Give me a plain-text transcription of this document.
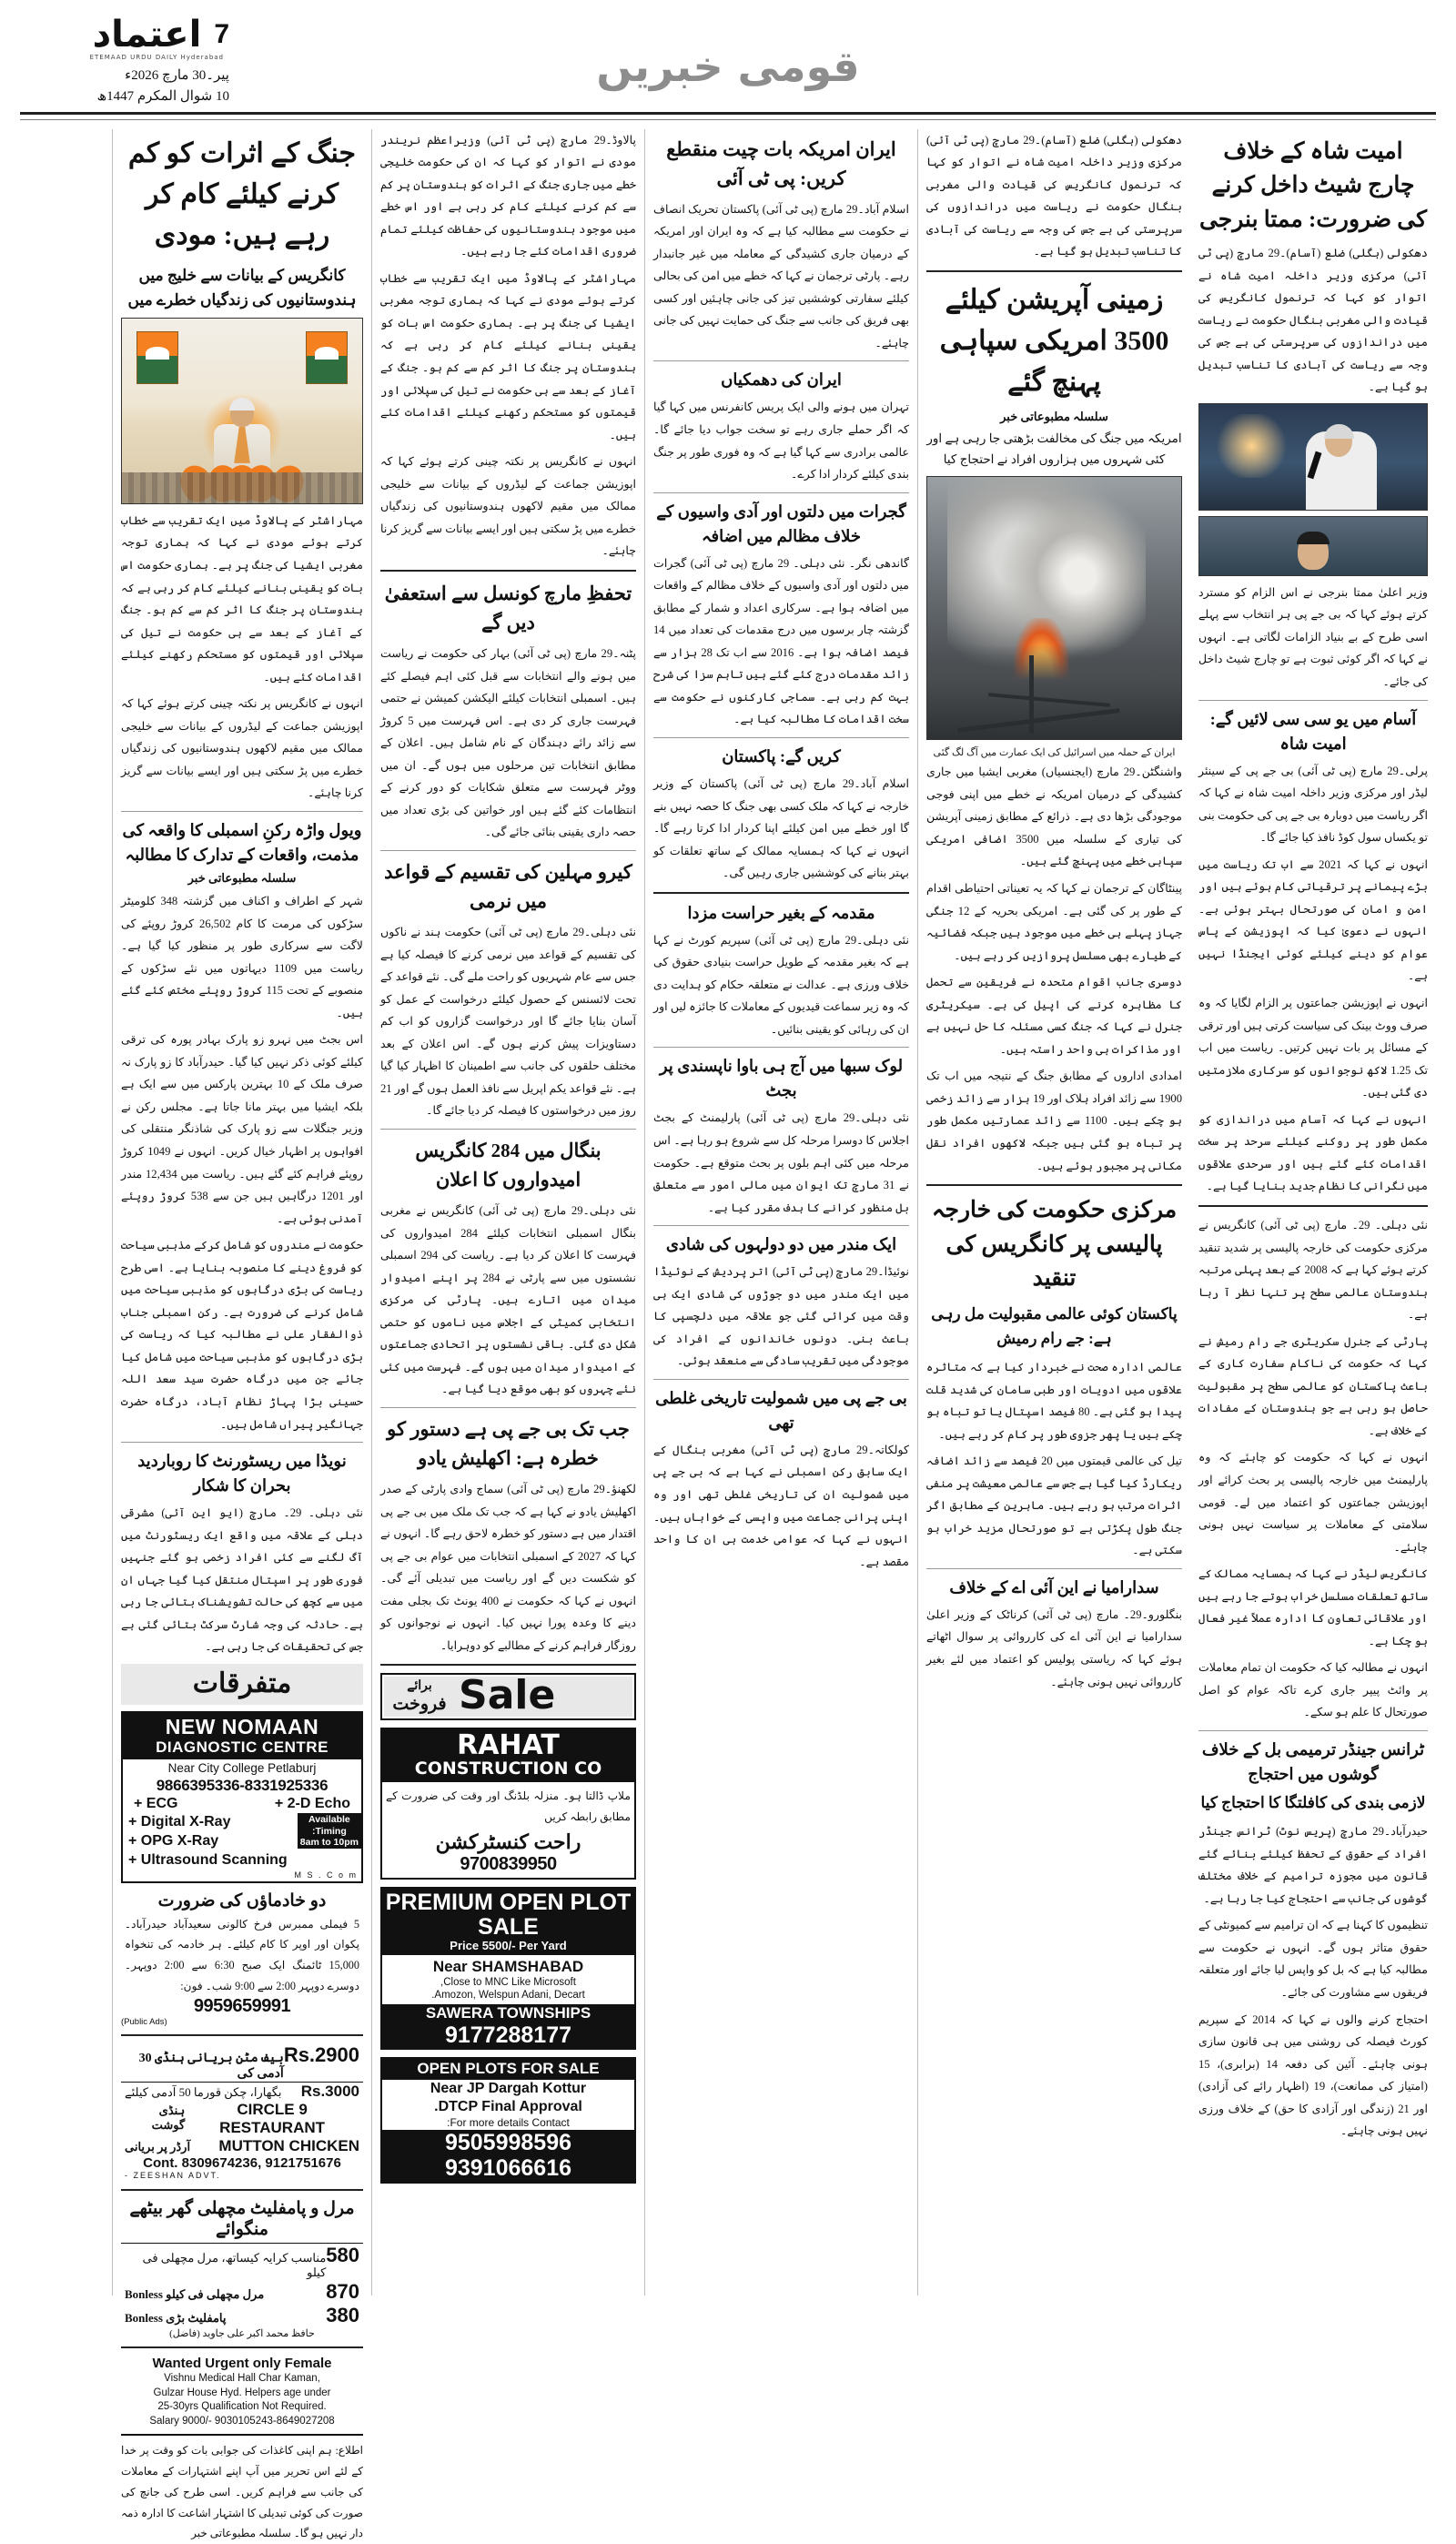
قومی خبریں
7
اعتماد
ETEMAAD URDU DAILY Hyderabad
پیر۔30 مارچ 2026ء
10 شوال المکرم 1447ھ
امیت شاہ کے خلاف چارج شیٹ داخل کرنے کی ضرورت: ممتا بنرجی

دھکولی (ہگلی) ضلع (آسام)۔29 مارچ (پی ٹی آئی) مرکزی وزیر داخلہ امیت شاہ نے اتوار کو کہا کہ ترنمول کانگریس کی قیادت والی مغربی بنگال حکومت نے ریاست میں دراندازوں کی سرپرستی کی ہے جس کی وجہ سے ریاست کی آبادی کا تناسب تبدیل ہو گیا ہے۔

وزیر اعلیٰ ممتا بنرجی نے اس الزام کو مسترد کرتے ہوئے کہا کہ بی جے پی ہر انتخاب سے پہلے اسی طرح کے بے بنیاد الزامات لگاتی ہے۔ انہوں نے کہا کہ اگر کوئی ثبوت ہے تو چارج شیٹ داخل کی جائے۔

آسام میں یو سی سی لائیں گے: امیت شاہ

پرلی۔29 مارچ (پی ٹی آئی) بی جے پی کے سینئر لیڈر اور مرکزی وزیر داخلہ امیت شاہ نے کہا کہ اگر ریاست میں دوبارہ بی جے پی کی حکومت بنی تو یکساں سول کوڈ نافذ کیا جائے گا۔

انہوں نے کہا کہ 2021 سے اب تک ریاست میں بڑے پیمانے پر ترقیاتی کام ہوئے ہیں اور امن و امان کی صورتحال بہتر ہوئی ہے۔ انہوں نے دعویٰ کیا کہ اپوزیشن کے پاس عوام کو دینے کیلئے کوئی ایجنڈا نہیں ہے۔

انہوں نے اپوزیشن جماعتوں پر الزام لگایا کہ وہ صرف ووٹ بینک کی سیاست کرتی ہیں اور ترقی کے مسائل پر بات نہیں کرتیں۔ ریاست میں اب تک 1.25 لاکھ نوجوانوں کو سرکاری ملازمتیں دی گئی ہیں۔

انہوں نے کہا کہ آسام میں دراندازی کو مکمل طور پر روکنے کیلئے سرحد پر سخت اقدامات کئے گئے ہیں اور سرحدی علاقوں میں نگرانی کا نظام جدید بنایا گیا ہے۔

نئی دہلی۔ 29۔ مارچ (پی ٹی آئی) کانگریس نے مرکزی حکومت کی خارجہ پالیسی پر شدید تنقید کرتے ہوئے کہا ہے کہ 2008 کے بعد پہلی مرتبہ ہندوستان عالمی سطح پر تنہا نظر آ رہا ہے۔

پارٹی کے جنرل سکریٹری جے رام رمیش نے کہا کہ حکومت کی ناکام سفارت کاری کے باعث پاکستان کو عالمی سطح پر مقبولیت حاصل ہو رہی ہے جو ہندوستان کے مفادات کے خلاف ہے۔

انہوں نے کہا کہ حکومت کو چاہئے کہ وہ پارلیمنٹ میں خارجہ پالیسی پر بحث کرائے اور اپوزیشن جماعتوں کو اعتماد میں لے۔ قومی سلامتی کے معاملات پر سیاست نہیں ہونی چاہئے۔

کانگریس لیڈر نے کہا کہ ہمسایہ ممالک کے ساتھ تعلقات مسلسل خراب ہوتے جا رہے ہیں اور علاقائی تعاون کا ادارہ عملاً غیر فعال ہو چکا ہے۔

انہوں نے مطالبہ کیا کہ حکومت ان تمام معاملات پر وائٹ پیپر جاری کرے تاکہ عوام کو اصل صورتحال کا علم ہو سکے۔

ٹرانس جینڈر ترمیمی بل کے خلاف گوشوں میں احتجاج
لازمی بندی کی کافلتگا کا احتجاج کیا

حیدرآباد۔29 مارچ (پریس نوٹ) ٹرانس جینڈر افراد کے حقوق کے تحفظ کیلئے بنائے گئے قانون میں مجوزہ ترامیم کے خلاف مختلف گوشوں کی جانب سے احتجاج کیا جا رہا ہے۔

تنظیموں کا کہنا ہے کہ ان ترامیم سے کمیونٹی کے حقوق متاثر ہوں گے۔ انہوں نے حکومت سے مطالبہ کیا ہے کہ بل کو واپس لیا جائے اور متعلقہ فریقوں سے مشاورت کی جائے۔

احتجاج کرنے والوں نے کہا کہ 2014 کے سپریم کورٹ فیصلہ کی روشنی میں ہی قانون سازی ہونی چاہئے۔ آئین کی دفعہ 14 (برابری)، 15 (امتیاز کی ممانعت)، 19 (اظہار رائے کی آزادی) اور 21 (زندگی اور آزادی کا حق) کے خلاف ورزی نہیں ہونی چاہئے۔

دھکولی (ہگلی) ضلع (آسام)۔29 مارچ (پی ٹی آئی) مرکزی وزیر داخلہ امیت شاہ نے اتوار کو کہا کہ ترنمول کانگریس کی قیادت والی مغربی بنگال حکومت نے ریاست میں دراندازوں کی سرپرستی کی ہے جس کی وجہ سے ریاست کی آبادی کا تناسب تبدیل ہو گیا ہے۔

زمینی آپریشن کیلئے 3500 امریکی سپاہی پہنچ گئے
سلسلہ مطبوعاتی خبر
امریکہ میں جنگ کی مخالفت بڑھتی جا رہی ہے اور کئی شہروں میں ہزاروں افراد نے احتجاج کیا
ایران کے حملہ میں اسرائیل کی ایک عمارت میں آگ لگ گئی

واشنگٹن۔29 مارچ (ایجنسیاں) مغربی ایشیا میں جاری کشیدگی کے درمیان امریکہ نے خطے میں اپنی فوجی موجودگی بڑھا دی ہے۔ ذرائع کے مطابق زمینی آپریشن کی تیاری کے سلسلہ میں 3500 اضافی امریکی سپاہی خطے میں پہنچ گئے ہیں۔

پینٹاگان کے ترجمان نے کہا کہ یہ تعیناتی احتیاطی اقدام کے طور پر کی گئی ہے۔ امریکی بحریہ کے 12 جنگی جہاز پہلے ہی خطے میں موجود ہیں جبکہ فضائیہ کے طیارے بھی مسلسل پروازیں کر رہے ہیں۔

دوسری جانب اقوام متحدہ نے فریقین سے تحمل کا مظاہرہ کرنے کی اپیل کی ہے۔ سیکریٹری جنرل نے کہا کہ جنگ کسی مسئلہ کا حل نہیں ہے اور مذاکرات ہی واحد راستہ ہیں۔

امدادی اداروں کے مطابق جنگ کے نتیجہ میں اب تک 1900 سے زائد افراد ہلاک اور 19 ہزار سے زائد زخمی ہو چکے ہیں۔ 1100 سے زائد عمارتیں مکمل طور پر تباہ ہو گئی ہیں جبکہ لاکھوں افراد نقل مکانی پر مجبور ہوئے ہیں۔

مرکزی حکومت کی خارجہ پالیسی پر کانگریس کی تنقید
پاکستان کوئی عالمی مقبولیت مل رہی ہے: جے رام رمیش

عالمی ادارہ صحت نے خبردار کیا ہے کہ متاثرہ علاقوں میں ادویات اور طبی سامان کی شدید قلت پیدا ہو گئی ہے۔ 80 فیصد اسپتال یا تو تباہ ہو چکے ہیں یا پھر جزوی طور پر کام کر رہے ہیں۔

تیل کی عالمی قیمتوں میں 20 فیصد سے زائد اضافہ ریکارڈ کیا گیا ہے جس سے عالمی معیشت پر منفی اثرات مرتب ہو رہے ہیں۔ ماہرین کے مطابق اگر جنگ طول پکڑتی ہے تو صورتحال مزید خراب ہو سکتی ہے۔

سدارامیا نے این آئی اے کے خلاف

بنگلورو۔29۔ مارچ (پی ٹی آئی) کرناٹک کے وزیر اعلیٰ سدارامیا نے این آئی اے کی کارروائی پر سوال اٹھاتے ہوئے کہا کہ ریاستی پولیس کو اعتماد میں لئے بغیر کارروائی نہیں ہونی چاہئے۔

ایران امریکہ بات چیت منقطع کریں: پی ٹی آئی

اسلام آباد۔29 مارچ (پی ٹی آئی) پاکستان تحریک انصاف نے حکومت سے مطالبہ کیا ہے کہ وہ ایران اور امریکہ کے درمیان جاری کشیدگی کے معاملہ میں غیر جانبدار رہے۔ پارٹی ترجمان نے کہا کہ خطے میں امن کی بحالی کیلئے سفارتی کوششیں تیز کی جانی چاہئیں اور کسی بھی فریق کی جانب سے جنگ کی حمایت نہیں کی جانی چاہئے۔

ایران کی دھمکیاں

تہران میں ہونے والی ایک پریس کانفرنس میں کہا گیا کہ اگر حملے جاری رہے تو سخت جواب دیا جائے گا۔ عالمی برادری سے کہا گیا ہے کہ وہ فوری طور پر جنگ بندی کیلئے کردار ادا کرے۔

گجرات میں دلتوں اور آدی واسیوں کے خلاف مظالم میں اضافہ

گاندھی نگر۔ نئی دہلی۔ 29 مارچ (پی ٹی آئی) گجرات میں دلتوں اور آدی واسیوں کے خلاف مظالم کے واقعات میں اضافہ ہوا ہے۔ سرکاری اعداد و شمار کے مطابق گزشتہ چار برسوں میں درج مقدمات کی تعداد میں 14 فیصد اضافہ ہوا ہے۔ 2016 سے اب تک 28 ہزار سے زائد مقدمات درج کئے گئے ہیں تاہم سزا کی شرح بہت کم رہی ہے۔ سماجی کارکنوں نے حکومت سے سخت اقدامات کا مطالبہ کیا ہے۔

کریں گے: پاکستان

اسلام آباد۔29 مارچ (پی ٹی آئی) پاکستان کے وزیر خارجہ نے کہا کہ ملک کسی بھی جنگ کا حصہ نہیں بنے گا اور خطے میں امن کیلئے اپنا کردار ادا کرتا رہے گا۔ انہوں نے کہا کہ ہمسایہ ممالک کے ساتھ تعلقات کو بہتر بنانے کی کوششیں جاری رہیں گی۔

مقدمہ کے بغیر حراست مزدا

نئی دہلی۔29 مارچ (پی ٹی آئی) سپریم کورٹ نے کہا ہے کہ بغیر مقدمہ کے طویل حراست بنیادی حقوق کی خلاف ورزی ہے۔ عدالت نے متعلقہ حکام کو ہدایت دی کہ وہ زیر سماعت قیدیوں کے معاملات کا جائزہ لیں اور ان کی رہائی کو یقینی بنائیں۔

لوک سبھا میں آج ہی باوا ناپسندی پر بجٹ

نئی دہلی۔29 مارچ (پی ٹی آئی) پارلیمنٹ کے بجٹ اجلاس کا دوسرا مرحلہ کل سے شروع ہو رہا ہے۔ اس مرحلہ میں کئی اہم بلوں پر بحث متوقع ہے۔ حکومت نے 31 مارچ تک ایوان میں مالی امور سے متعلق بل منظور کرانے کا ہدف مقرر کیا ہے۔

ایک مندر میں دو دولہوں کی شادی

نوئیڈا۔29 مارچ (پی ٹی آئی) اتر پردیش کے نوئیڈا میں ایک مندر میں دو جوڑوں کی شادی ایک ہی وقت میں کرائی گئی جو علاقہ میں دلچسپی کا باعث بنی۔ دونوں خاندانوں کے افراد کی موجودگی میں تقریب سادگی سے منعقد ہوئی۔

بی جے پی میں شمولیت تاریخی غلطی تھی

کولکاتہ۔29 مارچ (پی ٹی آئی) مغربی بنگال کے ایک سابق رکن اسمبلی نے کہا ہے کہ بی جے پی میں شمولیت ان کی تاریخی غلطی تھی اور وہ اپنی پرانی جماعت میں واپسی کے خواہاں ہیں۔ انہوں نے کہا کہ عوامی خدمت ہی ان کا واحد مقصد ہے۔

پالاوڈ۔29 مارچ (پی ٹی آئی) وزیراعظم نریندر مودی نے اتوار کو کہا کہ ان کی حکومت خلیجی خطے میں جاری جنگ کے اثرات کو ہندوستان پر کم سے کم کرنے کیلئے کام کر رہی ہے اور اس خطے میں موجود ہندوستانیوں کی حفاظت کیلئے تمام ضروری اقدامات کئے جا رہے ہیں۔

مہاراشٹر کے پالاوڈ میں ایک تقریب سے خطاب کرتے ہوئے مودی نے کہا کہ ہماری توجہ مغربی ایشیا کی جنگ پر ہے۔ ہماری حکومت اس بات کو یقینی بنانے کیلئے کام کر رہی ہے کہ ہندوستان پر جنگ کا اثر کم سے کم ہو۔ جنگ کے آغاز کے بعد سے ہی حکومت نے تیل کی سپلائی اور قیمتوں کو مستحکم رکھنے کیلئے اقدامات کئے ہیں۔

انہوں نے کانگریس پر نکتہ چینی کرتے ہوئے کہا کہ اپوزیشن جماعت کے لیڈروں کے بیانات سے خلیجی ممالک میں مقیم لاکھوں ہندوستانیوں کی زندگیاں خطرے میں پڑ سکتی ہیں اور ایسے بیانات سے گریز کرنا چاہئے۔

تحفظِ مارچ کونسل سے استعفیٰ دیں گے

پٹنہ۔29 مارچ (پی ٹی آئی) بہار کی حکومت نے ریاست میں ہونے والے انتخابات سے قبل کئی اہم فیصلے کئے ہیں۔ اسمبلی انتخابات کیلئے الیکشن کمیشن نے حتمی فہرست جاری کر دی ہے۔ اس فہرست میں 5 کروڑ سے زائد رائے دہندگان کے نام شامل ہیں۔ اعلان کے مطابق انتخابات تین مرحلوں میں ہوں گے۔ ان میں ووٹر فہرست سے متعلق شکایات کو دور کرنے کے انتظامات کئے گئے ہیں اور خواتین کی بڑی تعداد میں حصہ داری یقینی بنائی جائے گی۔

کیرو مہلین کی تقسیم کے قواعد میں نرمی

نئی دہلی۔29 مارچ (پی ٹی آئی) حکومت ہند نے ناکوں کی تقسیم کے قواعد میں نرمی کرنے کا فیصلہ کیا ہے جس سے عام شہریوں کو راحت ملے گی۔ نئے قواعد کے تحت لائسنس کے حصول کیلئے درخواست کے عمل کو آسان بنایا جائے گا اور درخواست گزاروں کو اب کم دستاویزات پیش کرنے ہوں گے۔ اس اعلان کے بعد مختلف حلقوں کی جانب سے اطمینان کا اظہار کیا گیا ہے۔ نئے قواعد یکم اپریل سے نافذ العمل ہوں گے اور 21 روز میں درخواستوں کا فیصلہ کر دیا جائے گا۔

بنگال میں 284 کانگریس امیدواروں کا اعلان

نئی دہلی۔29 مارچ (پی ٹی آئی) کانگریس نے مغربی بنگال اسمبلی انتخابات کیلئے 284 امیدواروں کی فہرست کا اعلان کر دیا ہے۔ ریاست کی 294 اسمبلی نشستوں میں سے پارٹی نے 284 پر اپنے امیدوار میدان میں اتارے ہیں۔ پارٹی کی مرکزی انتخابی کمیٹی کے اجلاس میں ناموں کو حتمی شکل دی گئی۔ باقی نشستوں پر اتحادی جماعتوں کے امیدوار میدان میں ہوں گے۔ فہرست میں کئی نئے چہروں کو بھی موقع دیا گیا ہے۔

جب تک بی جے پی ہے دستور کو خطرہ ہے: اکھلیش یادو

لکھنؤ۔29 مارچ (پی ٹی آئی) سماج وادی پارٹی کے صدر اکھلیش یادو نے کہا ہے کہ جب تک ملک میں بی جے پی اقتدار میں ہے دستور کو خطرہ لاحق رہے گا۔ انہوں نے کہا کہ 2027 کے اسمبلی انتخابات میں عوام بی جے پی کو شکست دیں گے اور ریاست میں تبدیلی آئے گی۔ انہوں نے کہا کہ حکومت نے 400 یونٹ تک بجلی مفت دینے کا وعدہ پورا نہیں کیا۔ انہوں نے نوجوانوں کو روزگار فراہم کرنے کے مطالبے کو دوہرایا۔

Sale
برائے
فروخت
RAHAT
CONSTRUCTION CO
ملاپ ڈالتا ہو۔ منزلہ بلڈنگ اور وقت کی ضرورت کے مطابق رابطہ کریں
راحت کنسٹرکشن
9700839950
PREMIUM OPEN PLOT
SALE
Price 5500/- Per Yard
Near SHAMSHABAD
Close to MNC Like Microsoft,
Amozon, Welspun Adani, Decart.
SAWERA TOWNSHIPS
9177288177
OPEN PLOTS FOR SALE
Near JP Dargah Kottur
DTCP Final Approval.
For more details Contact:
9505998596
9391066616
جنگ کے اثرات کو کم کرنے کیلئے کام کر رہے ہیں: مودی
کانگریس کے بیانات سے خلیج میں ہندوستانیوں کی زندگیاں خطرے میں

مہاراشٹر کے پالاوڈ میں ایک تقریب سے خطاب کرتے ہوئے مودی نے کہا کہ ہماری توجہ مغربی ایشیا کی جنگ پر ہے۔ ہماری حکومت اس بات کو یقینی بنانے کیلئے کام کر رہی ہے کہ ہندوستان پر جنگ کا اثر کم سے کم ہو۔ جنگ کے آغاز کے بعد سے ہی حکومت نے تیل کی سپلائی اور قیمتوں کو مستحکم رکھنے کیلئے اقدامات کئے ہیں۔

انہوں نے کانگریس پر نکتہ چینی کرتے ہوئے کہا کہ اپوزیشن جماعت کے لیڈروں کے بیانات سے خلیجی ممالک میں مقیم لاکھوں ہندوستانیوں کی زندگیاں خطرے میں پڑ سکتی ہیں اور ایسے بیانات سے گریز کرنا چاہئے۔

ویول واڑہ رکنِ اسمبلی کا واقعہ کی مذمت، واقعات کے تدارک کا مطالبہ
سلسلہ مطبوعاتی خبر

شہر کے اطراف و اکناف میں گزشتہ 348 کلومیٹر سڑکوں کی مرمت کا کام 26,502 کروڑ روپئے کی لاگت سے سرکاری طور پر منظور کیا گیا ہے۔ ریاست میں 1109 دیہاتوں میں نئے سڑکوں کے منصوبے کے تحت 115 کروڑ روپئے مختص کئے گئے ہیں۔

اس بجٹ میں نہرو زو پارک بہادر پورہ کی ترقی کیلئے کوئی ذکر نہیں کیا گیا۔ حیدرآباد کا زو پارک نہ صرف ملک کے 10 بہترین پارکس میں سے ایک ہے بلکہ ایشیا میں بہتر مانا جاتا ہے۔ مجلس رکن نے وزیر جنگلات سے زو پارک کی شاذنگر منتقلی کی افواہوں پر اظہار خیال کریں۔ انہوں نے 1049 کروڑ روپئے فراہم کئے گئے ہیں۔ ریاست میں 12,434 مندر اور 1201 درگاہیں ہیں جن سے 538 کروڑ روپئے آمدنی ہوئی ہے۔

حکومت نے مندروں کو شامل کرکے مذہبی سیاحت کو فروغ دینے کا منصوبہ بنایا ہے۔ اسی طرح ریاست کی بڑی درگاہوں کو مذہبی سیاحت میں شامل کرنے کی ضرورت ہے۔ رکن اسمبلی جناب ذوالفقار علی نے مطالبہ کیا کہ ریاست کی بڑی درگاہوں کو مذہبی سیاحت میں شامل کیا جائے جن میں درگاہ حضرت سید سعد اللہ حسینی بڑا پہاڑ نظام آباد، درگاہ حضرت جہانگیر پیراں شامل ہیں۔

نویڈا میں ریسٹورنٹ کا روباردید بحران کا شکار

نئی دہلی۔ 29۔ مارچ (ایو این آئی) مشرقی دہلی کے علاقہ میں واقع ایک ریسٹورنٹ میں آگ لگنے سے کئی افراد زخمی ہو گئے جنہیں فوری طور پر اسپتال منتقل کیا گیا جہاں ان میں سے کچھ کی حالت تشویشناک بتائی جا رہی ہے۔ حادثہ کی وجہ شارٹ سرکٹ بتائی گئی ہے جس کی تحقیقات کی جا رہی ہے۔

متفرقات
NEW NOMAAN
DIAGNOSTIC CENTRE
Near City College Petlaburj
9866395336-8331925336
+ 2-D Echo
+ ECG
Available
Timing:
8am to 10pm
+ Digital X-Ray
+ OPG X-Ray
+ Ultrasound Scanning
M S . C o m
دو خادماؤں کی ضرورت
5 فیملی ممبرس فرخ کالونی سعیدآباد حیدرآباد۔ پکوان اور اوپر کا کام کیلئے۔ ہر خادمہ کی تنخواہ 15,000 ٹائمنگ ایک صبح 6:30 سے 2:00 دوپہر۔ دوسرے دوپہر 2:00 سے 9:00 شب۔ فون:
9959659991
(Public Ads)
Rs.2900
بیف مٹن بریانی ہنڈی 30 آدمی کی
Rs.3000
بگھارا، چکن قورما 50 آدمی کیلئے
CIRCLE 9 RESTAURANT
ہنڈی گوشت
MUTTON CHICKEN
آرڈر پر بریانی
Cont. 8309674236, 9121751676
- ZEESHAN ADVT.
مرل و پامفلیٹ مچھلی گھر بیٹھے منگوائے
580
مناسب کرایہ کیساتھ، مرل مچھلی فی کیلو
870
مرل مچھلی فی کیلو Bonless
380
پامفلیٹ بڑی Bonless
حافظ محمد اکبر علی جاوید (فاضل)
Wanted Urgent only Female
Vishnu Medical Hall Char Kaman,
Gulzar House Hyd. Helpers age under
25-30yrs Qualification Not Required.
Salary 9000/- 9030105243-8649027208

اطلاع: ہم اپنی کاغذات کی جوابی بات کو وقت پر خدا کے لئے اس تحریر میں آپ اپنے اشتہارات کے معاملات کی جانب سے فراہم کریں۔ اسی طرح کی جانچ کی صورت کی کوئی تبدیلی کا اشتہار اشاعت کا ادارہ ذمہ دار نہیں ہو گا۔ سلسلہ مطبوعاتی خبر
